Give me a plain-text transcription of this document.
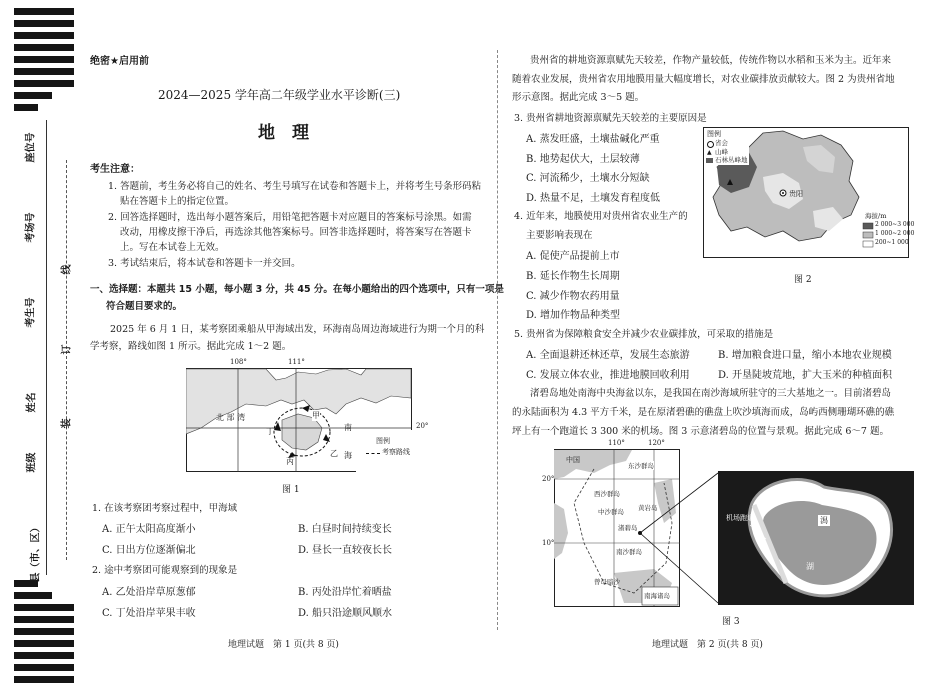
座位号
考场号
考生号
姓名
班级
县（市、区）
线
订
装
绝密★启用前
2024—2025 学年高二年级学业水平诊断(三)
地　理
考生注意：
1. 答题前，考生务必将自己的姓名、考生号填写在试卷和答题卡上，并将考生号条形码粘
贴在答题卡上的指定位置。
2. 回答选择题时，选出每小题答案后，用铅笔把答题卡对应题目的答案标号涂黑。如需
改动，用橡皮擦干净后，再选涂其他答案标号。回答非选择题时，将答案写在答题卡
上。写在本试卷上无效。
3. 考试结束后，将本试卷和答题卡一并交回。
一、选择题：本题共 15 小题，每小题 3 分，共 45 分。在每小题给出的四个选项中，只有一项是
符合题目要求的。
2025 年 6 月 1 日，某考察团乘船从甲海域出发，环海南岛周边海域进行为期一个月的科
学考察，路线如图 1 所示。据此完成 1～2 题。
108°	111°
20°
北 部 湾	甲
乙
丙
丁	南
海
图例
考察路线
图 1
1. 在该考察团考察过程中，甲海域
A. 正午太阳高度渐小	B. 白昼时间持续变长
C. 日出方位逐渐偏北	D. 昼长一直较夜长长
2. 途中考察团可能观察到的现象是
A. 乙处沿岸草原葱郁	B. 丙处沿岸忙着晒盐
C. 丁处沿岸苹果丰收	D. 船只沿途顺风顺水
地理试题　第 1 页(共 8 页)
贵州省的耕地资源禀赋先天较差，作物产量较低，传统作物以水稻和玉米为主。近年来
随着农业发展，贵州省农用地膜用量大幅度增长，对农业碳排放贡献较大。图 2 为贵州省地
形示意图。据此完成 3～5 题。
3. 贵州省耕地资源禀赋先天较差的主要原因是
A. 蒸发旺盛，土壤盐碱化严重
B. 地势起伏大，土层较薄
C. 河流稀少，土壤水分短缺
D. 热量不足，土壤发育程度低
4. 近年来，地膜使用对贵州省农业生产的
主要影响表现在
A. 促使产品提前上市
B. 延长作物生长周期
C. 减少作物农药用量
D. 增加作物品种类型
图例
省会
▲ 山峰
石林丛峰地
贵阳
海拔/m
2 000~3 000
1 000~2 000
200~1 000
图 2
5. 贵州省为保障粮食安全并减少农业碳排放，可采取的措施是
A. 全面退耕还林还草，发展生态旅游	B. 增加粮食进口量，缩小本地农业规模
C. 发展立体农业，推进地膜回收利用	D. 开垦陡坡荒地，扩大玉米的种植面积
渚碧岛地处南海中央海盆以东，是我国在南沙海域所驻守的三大基地之一。目前渚碧岛
的永陆面积为 4.3 平方千米，是在原渚碧礁的礁盘上吹沙填海而成，岛屿西侧珊瑚环礁的礁
坪上有一个跑道长 3 300 米的机场。图 3 示意渚碧岛的位置与景观。据此完成 6～7 题。
110°	120°
20°
10°
中国
东沙群岛
西沙群岛
南沙群岛
黄岩岛
渚碧岛
中沙群岛
曾母暗沙
南海诸岛
机场跑道	潟
湖
图 3
地理试题　第 2 页(共 8 页)
